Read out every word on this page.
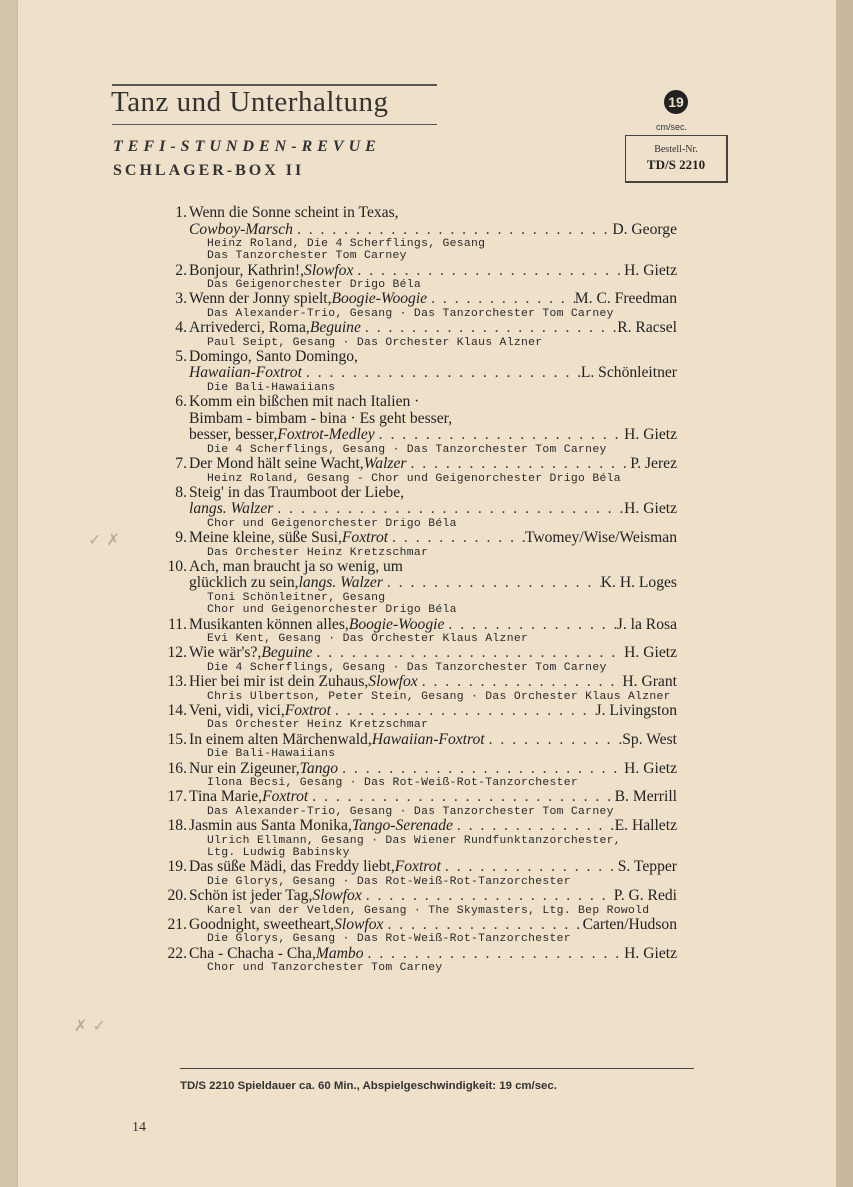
Tanz und Unterhaltung
TEFI-STUNDEN-REVUE
SCHLAGER-BOX II
19
cm/sec.
Bestell-Nr.
TD/S 2210
1. Wenn die Sonne scheint in Texas,
Cowboy-Marsch . . .	D. George
Heinz Roland, Die 4 Scherflings, Gesang
Das Tanzorchester Tom Carney
2. Bonjour, Kathrin!, Slowfox . . .	H. Gietz
Das Geigenorchester Drigo Béla
3. Wenn der Jonny spielt, Boogie-Woogie . . .	M. C. Freedman
Das Alexander-Trio, Gesang · Das Tanzorchester Tom Carney
4. Arrivederci, Roma, Beguine . . .	R. Racsel
Paul Seipt, Gesang · Das Orchester Klaus Alzner
5. Domingo, Santo Domingo,
Hawaiian-Foxtrot . . .	L. Schönleitner
Die Bali-Hawaiians
6. Komm ein bißchen mit nach Italien ·
Bimbam - bimbam - bina · Es geht besser,
besser, besser, Foxtrot-Medley . . .	H. Gietz
Die 4 Scherflings, Gesang · Das Tanzorchester Tom Carney
7. Der Mond hält seine Wacht, Walzer . . .	P. Jerez
Heinz Roland, Gesang - Chor und Geigenorchester Drigo Béla
8. Steig' in das Traumboot der Liebe,
langs. Walzer . . .	H. Gietz
Chor und Geigenorchester Drigo Béla
9. Meine kleine, süße Susi, Foxtrot . . .	Twomey/Wise/Weisman
Das Orchester Heinz Kretzschmar
10. Ach, man braucht ja so wenig, um
glücklich zu sein, langs. Walzer . . .	K. H. Loges
Toni Schönleitner, Gesang
Chor und Geigenorchester Drigo Béla
11. Musikanten können alles, Boogie-Woogie . . .	J. la Rosa
Evi Kent, Gesang · Das Orchester Klaus Alzner
12. Wie wär's?, Beguine . . .	H. Gietz
Die 4 Scherflings, Gesang · Das Tanzorchester Tom Carney
13. Hier bei mir ist dein Zuhaus, Slowfox . . .	H. Grant
Chris Ulbertson, Peter Stein, Gesang · Das Orchester Klaus Alzner
14. Veni, vidi, vici, Foxtrot . . .	J. Livingston
Das Orchester Heinz Kretzschmar
15. In einem alten Märchenwald, Hawaiian-Foxtrot . . .	Sp. West
Die Bali-Hawaiians
16. Nur ein Zigeuner, Tango . . .	H. Gietz
Ilona Becsi, Gesang · Das Rot-Weiß-Rot-Tanzorchester
17. Tina Marie, Foxtrot . . .	B. Merrill
Das Alexander-Trio, Gesang · Das Tanzorchester Tom Carney
18. Jasmin aus Santa Monika, Tango-Serenade . . .	E. Halletz
Ulrich Ellmann, Gesang · Das Wiener Rundfunktanzorchester,
Ltg. Ludwig Babinsky
19. Das süße Mädi, das Freddy liebt, Foxtrot . . .	S. Tepper
Die Glorys, Gesang · Das Rot-Weiß-Rot-Tanzorchester
20. Schön ist jeder Tag, Slowfox . . .	P. G. Redi
Karel van der Velden, Gesang · The Skymasters, Ltg. Bep Rowold
21. Goodnight, sweetheart, Slowfox . . .	Carten/Hudson
Die Glorys, Gesang · Das Rot-Weiß-Rot-Tanzorchester
22. Cha - Chacha - Cha, Mambo . . .	H. Gietz
Chor und Tanzorchester Tom Carney
TD/S 2210 Spieldauer ca. 60 Min., Abspielgeschwindigkeit: 19 cm/sec.
14
✓ ✗
✗ ✓
